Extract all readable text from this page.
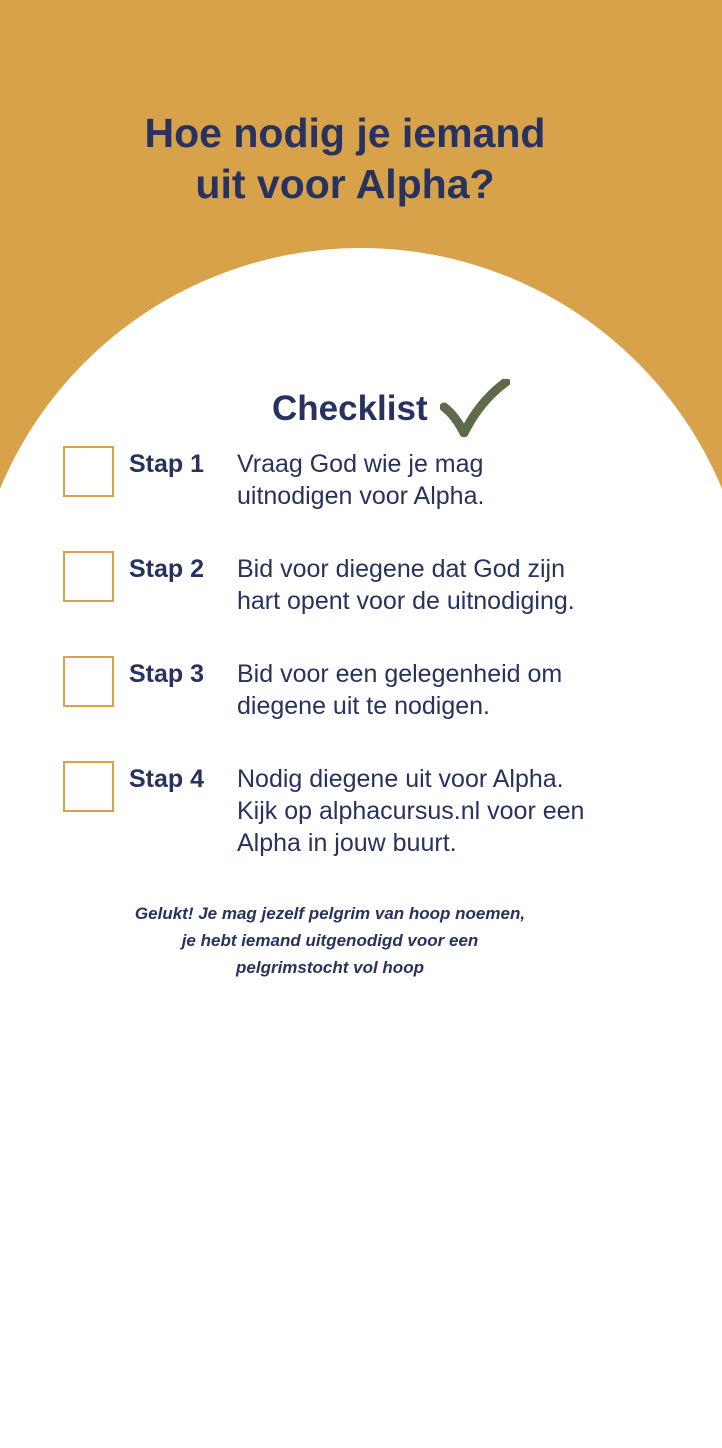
Hoe nodig je iemand
uit voor Alpha?
Checklist
Stap 1 Vraag God wie je mag
uitnodigen voor Alpha.
Stap 2 Bid voor diegene dat God zijn
hart opent voor de uitnodiging.
Stap 3 Bid voor een gelegenheid om
diegene uit te nodigen.
Stap 4 Nodig diegene uit voor Alpha.
Kijk op alphacursus.nl voor een
Alpha in jouw buurt.
Gelukt! Je mag jezelf pelgrim van hoop noemen,
je hebt iemand uitgenodigd voor een
pelgrimstocht vol hoop
